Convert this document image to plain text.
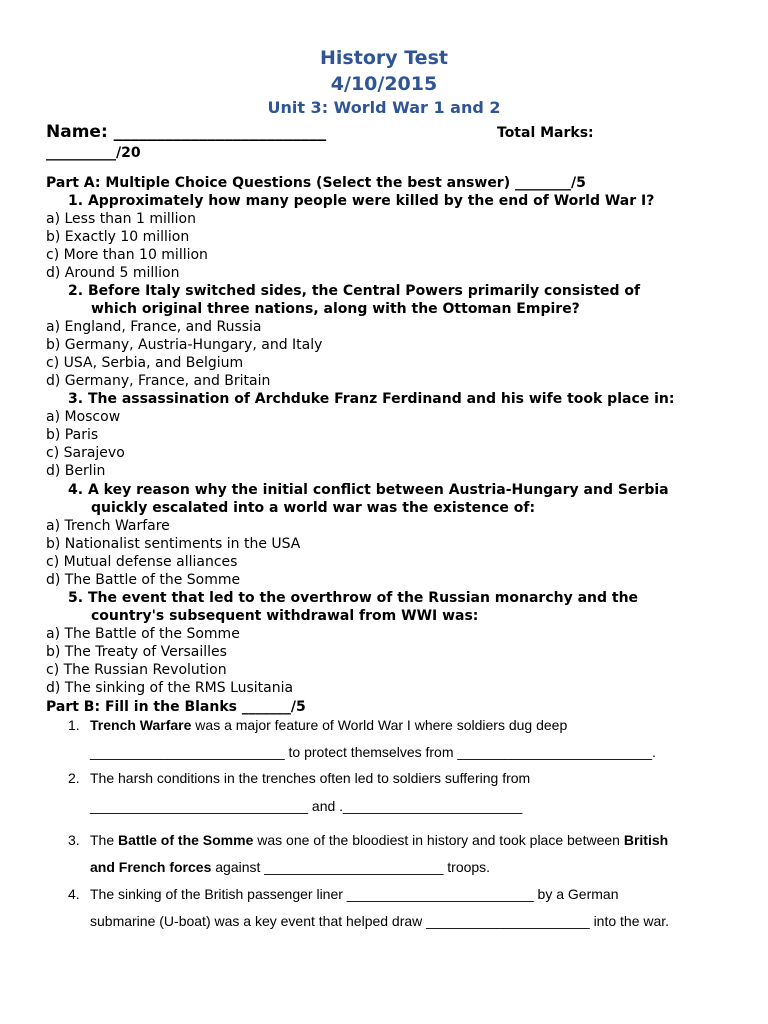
History Test
4/10/2015
Unit 3: World War 1 and 2
Name: _________________________	Total Marks:
__________/20
Part A: Multiple Choice Questions (Select the best answer) ________/5
1. Approximately how many people were killed by the end of World War I?
a) Less than 1 million
b) Exactly 10 million
c) More than 10 million
d) Around 5 million
2. Before Italy switched sides, the Central Powers primarily consisted of
which original three nations, along with the Ottoman Empire?
a) England, France, and Russia
b) Germany, Austria-Hungary, and Italy
c) USA, Serbia, and Belgium
d) Germany, France, and Britain
3. The assassination of Archduke Franz Ferdinand and his wife took place in:
a) Moscow
b) Paris
c) Sarajevo
d) Berlin
4. A key reason why the initial conflict between Austria-Hungary and Serbia
quickly escalated into a world war was the existence of:
a) Trench Warfare
b) Nationalist sentiments in the USA
c) Mutual defense alliances
d) The Battle of the Somme
5. The event that led to the overthrow of the Russian monarchy and the
country's subsequent withdrawal from WWI was:
a) The Battle of the Somme
b) The Treaty of Versailles
c) The Russian Revolution
d) The sinking of the RMS Lusitania
Part B: Fill in the Blanks _______/5
1. Trench Warfare was a major feature of World War I where soldiers dug deep
_________________________ to protect themselves from _________________________.
2. The harsh conditions in the trenches often led to soldiers suffering from
____________________________ and ._______________________
3. The Battle of the Somme was one of the bloodiest in history and took place between British
and French forces against _______________________ troops.
4. The sinking of the British passenger liner ________________________ by a German
submarine (U-boat) was a key event that helped draw _____________________ into the war.
